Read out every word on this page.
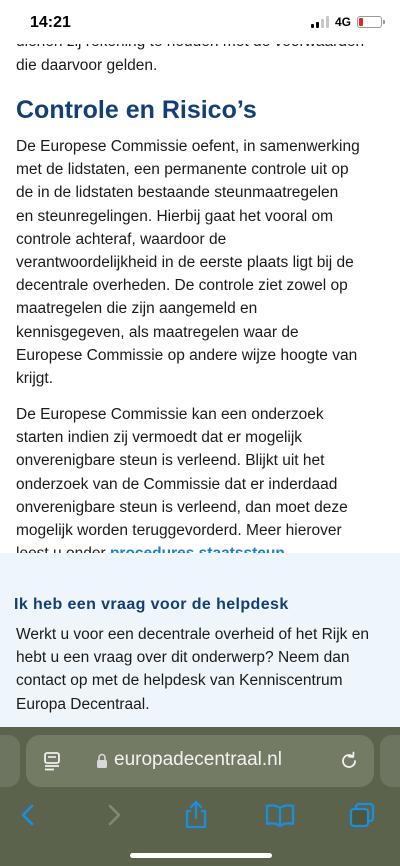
14:21	4G
die daarvoor gelden.
Controle en Risico’s
De Europese Commissie oefent, in samenwerking
met de lidstaten, een permanente controle uit op
de in de lidstaten bestaande steunmaatregelen
en steunregelingen. Hierbij gaat het vooral om
controle achteraf, waardoor de
verantwoordelijkheid in de eerste plaats ligt bij de
decentrale overheden. De controle ziet zowel op
maatregelen die zijn aangemeld en
kennisgegeven, als maatregelen waar de
Europese Commissie op andere wijze hoogte van
krijgt.
De Europese Commissie kan een onderzoek
starten indien zij vermoedt dat er mogelijk
onverenigbare steun is verleend. Blijkt uit het
onderzoek van de Commissie dat er inderdaad
onverenigbare steun is verleend, dan moet deze
mogelijk worden teruggevorderd. Meer hierover
Ik heb een vraag voor de helpdesk
Werkt u voor een decentrale overheid of het Rijk en
hebt u een vraag over dit onderwerp? Neem dan
contact op met de helpdesk van Kenniscentrum
Europa Decentraal.
europadecentraal.nl
